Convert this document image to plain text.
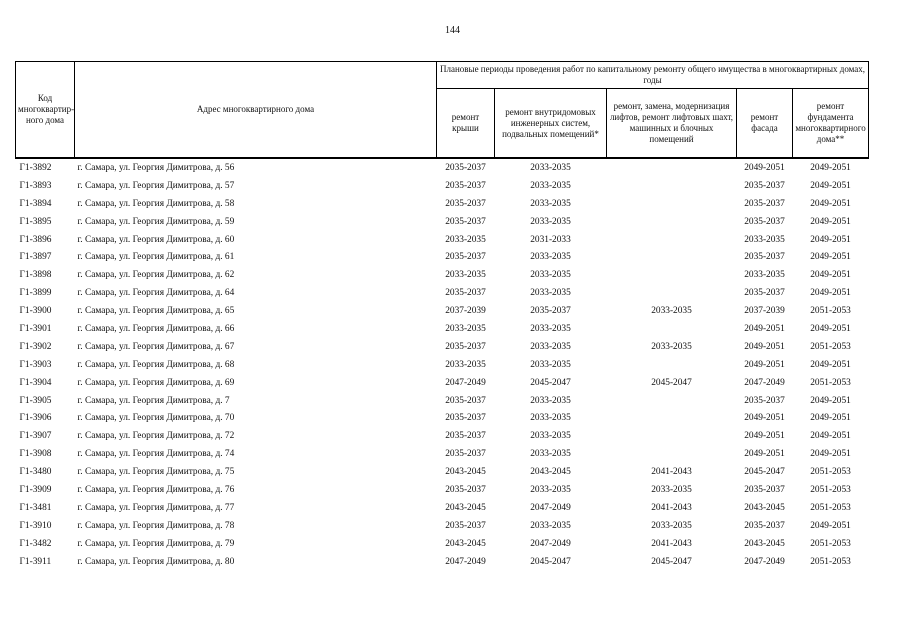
144
Код многоквартир-ного дома	Адрес многоквартирного дома	Плановые периоды проведения работ по капитальному ремонту общего имущества в многоквартирных домах, годы				
		ремонт крыши	ремонт внутридомовых инженерных систем, подвальных помещений*	ремонт, замена, модернизация лифтов, ремонт лифтовых шахт, машинных и блочных помещений	ремонт фасада	ремонт фундамента многоквартирного дома**
Г1-3892	г. Самара, ул. Георгия Димитрова, д. 56	2035-2037	2033-2035		2049-2051	2049-2051
Г1-3893	г. Самара, ул. Георгия Димитрова, д. 57	2035-2037	2033-2035		2035-2037	2049-2051
Г1-3894	г. Самара, ул. Георгия Димитрова, д. 58	2035-2037	2033-2035		2035-2037	2049-2051
Г1-3895	г. Самара, ул. Георгия Димитрова, д. 59	2035-2037	2033-2035		2035-2037	2049-2051
Г1-3896	г. Самара, ул. Георгия Димитрова, д. 60	2033-2035	2031-2033		2033-2035	2049-2051
Г1-3897	г. Самара, ул. Георгия Димитрова, д. 61	2035-2037	2033-2035		2035-2037	2049-2051
Г1-3898	г. Самара, ул. Георгия Димитрова, д. 62	2033-2035	2033-2035		2033-2035	2049-2051
Г1-3899	г. Самара, ул. Георгия Димитрова, д. 64	2035-2037	2033-2035		2035-2037	2049-2051
Г1-3900	г. Самара, ул. Георгия Димитрова, д. 65	2037-2039	2035-2037	2033-2035	2037-2039	2051-2053
Г1-3901	г. Самара, ул. Георгия Димитрова, д. 66	2033-2035	2033-2035		2049-2051	2049-2051
Г1-3902	г. Самара, ул. Георгия Димитрова, д. 67	2035-2037	2033-2035	2033-2035	2049-2051	2051-2053
Г1-3903	г. Самара, ул. Георгия Димитрова, д. 68	2033-2035	2033-2035		2049-2051	2049-2051
Г1-3904	г. Самара, ул. Георгия Димитрова, д. 69	2047-2049	2045-2047	2045-2047	2047-2049	2051-2053
Г1-3905	г. Самара, ул. Георгия Димитрова, д. 7	2035-2037	2033-2035		2035-2037	2049-2051
Г1-3906	г. Самара, ул. Георгия Димитрова, д. 70	2035-2037	2033-2035		2049-2051	2049-2051
Г1-3907	г. Самара, ул. Георгия Димитрова, д. 72	2035-2037	2033-2035		2049-2051	2049-2051
Г1-3908	г. Самара, ул. Георгия Димитрова, д. 74	2035-2037	2033-2035		2049-2051	2049-2051
Г1-3480	г. Самара, ул. Георгия Димитрова, д. 75	2043-2045	2043-2045	2041-2043	2045-2047	2051-2053
Г1-3909	г. Самара, ул. Георгия Димитрова, д. 76	2035-2037	2033-2035	2033-2035	2035-2037	2051-2053
Г1-3481	г. Самара, ул. Георгия Димитрова, д. 77	2043-2045	2047-2049	2041-2043	2043-2045	2051-2053
Г1-3910	г. Самара, ул. Георгия Димитрова, д. 78	2035-2037	2033-2035	2033-2035	2035-2037	2049-2051
Г1-3482	г. Самара, ул. Георгия Димитрова, д. 79	2043-2045	2047-2049	2041-2043	2043-2045	2051-2053
Г1-3911	г. Самара, ул. Георгия Димитрова, д. 80	2047-2049	2045-2047	2045-2047	2047-2049	2051-2053
